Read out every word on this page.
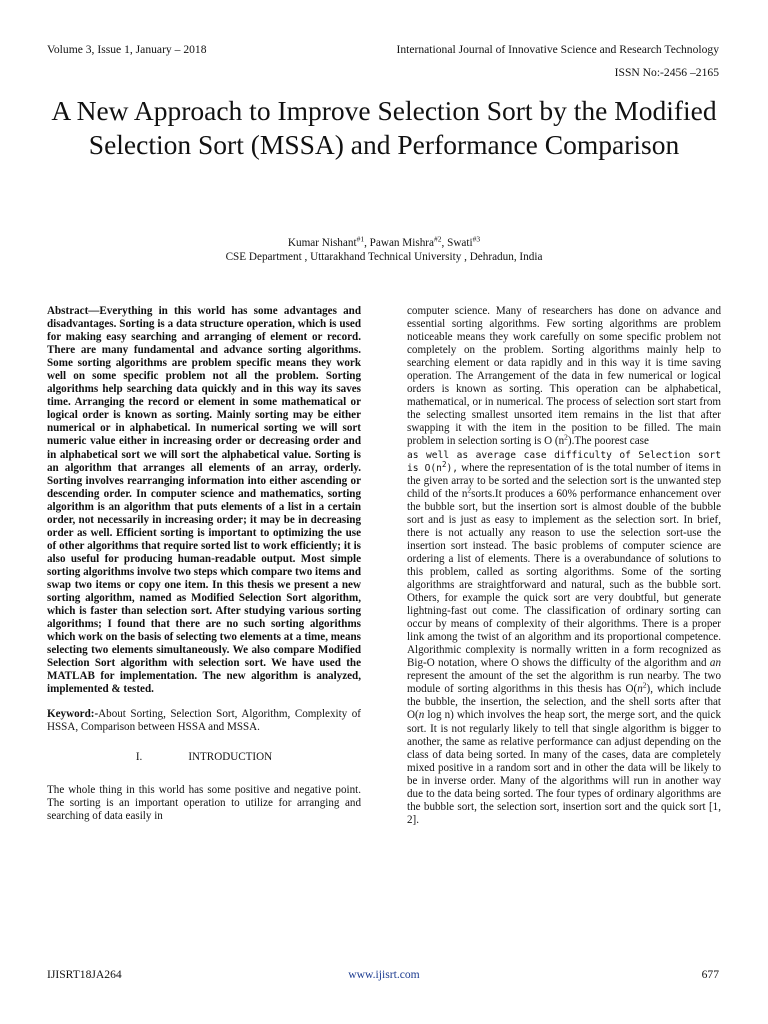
Volume 3, Issue 1, January – 2018	International Journal of Innovative Science and Research Technology
ISSN No:-2456 –2165
A New Approach to Improve Selection Sort by the Modified Selection Sort (MSSA) and Performance Comparison
Kumar Nishant$^{\#1}$, Pawan Mishra$^{\#2}$, Swati$^{\#3}$
CSE Department , Uttarakhand Technical University , Dehradun, India

Abstract—Everything in this world has some advantages and disadvantages. Sorting is a data structure operation, which is used for making easy searching and arranging of element or record. There are many fundamental and advance sorting algorithms. Some sorting algorithms are problem specific means they work well on some specific problem not all the problem. Sorting algorithms help searching data quickly and in this way its saves time. Arranging the record or element in some mathematical or logical order is known as sorting. Mainly sorting may be either numerical or in alphabetical. In numerical sorting we will sort numeric value either in increasing order or decreasing order and in alphabetical sort we will sort the alphabetical value. Sorting is an algorithm that arranges all elements of an array, orderly. Sorting involves rearranging information into either ascending or descending order. In computer science and mathematics, sorting algorithm is an algorithm that puts elements of a list in a certain order, not necessarily in increasing order; it may be in decreasing order as well. Efficient sorting is important to optimizing the use of other algorithms that require sorted list to work efficiently; it is also useful for producing human-readable output. Most simple sorting algorithms involve two steps which compare two items and swap two items or copy one item. In this thesis we present a new sorting algorithm, named as Modified Selection Sort algorithm, which is faster than selection sort. After studying various sorting algorithms; I found that there are no such sorting algorithms which work on the basis of selecting two elements at a time, means selecting two elements simultaneously. We also compare Modified Selection Sort algorithm with selection sort. We have used the MATLAB for implementation. The new algorithm is analyzed, implemented & tested.

Keyword:-About Sorting, Selection Sort, Algorithm, Complexity of HSSA, Comparison between HSSA and MSSA.

I.	INTRODUCTION

The whole thing in this world has some positive and negative point. The sorting is an important operation to utilize for arranging and searching of data easily in

computer science. Many of researchers has done on advance and essential sorting algorithms. Few sorting algorithms are problem noticeable means they work carefully on some specific problem not completely on the problem. Sorting algorithms mainly help to searching element or data rapidly and in this way it is time saving operation. The Arrangement of the data in few numerical or logical orders is known as sorting. This operation can be alphabetical, mathematical, or in numerical. The process of selection sort start from the selecting smallest unsorted item remains in the list that after swapping it with the item in the position to be filled. The main problem in selection sorting is O $(n^2).The$ poorest case
as well as average case difficulty of Selection sort is $O(n^2)$, where the representation of is the total number of items in the given array to be sorted and the selection sort is the unwanted step child of the $n^2sorts.It$ produces a 60% performance enhancement over the bubble sort, but the insertion sort is almost double of the bubble sort and is just as easy to implement as the selection sort. In brief, there is not actually any reason to use the selection sort-use the insertion sort instead. The basic problems of computer science are ordering a list of elements. There is a overabundance of solutions to this problem, called as sorting algorithms. Some of the sorting algorithms are straightforward and natural, such as the bubble sort. Others, for example the quick sort are very doubtful, but generate lightning-fast out come. The classification of ordinary sorting can occur by means of complexity of their algorithms. There is a proper link among the twist of an algorithm and its proportional competence. Algorithmic complexity is normally written in a form recognized as Big-O notation, where O shows the difficulty of the algorithm and an represent the amount of the set the algorithm is run nearby. The two module of sorting algorithms in this thesis has $O(n^2)$, which include the bubble, the insertion, the selection, and the shell sorts after that O(n log n) which involves the heap sort, the merge sort, and the quick sort. It is not regularly likely to tell that single algorithm is bigger to another, the same as relative performance can adjust depending on the class of data being sorted. In many of the cases, data are completely mixed positive in a random sort and in other the data will be likely to be in inverse order. Many of the algorithms will run in another way due to the data being sorted. The four types of ordinary algorithms are the bubble sort, the selection sort, insertion sort and the quick sort [1, 2].

IJISRT18JA264	www.ijisrt.com	677
